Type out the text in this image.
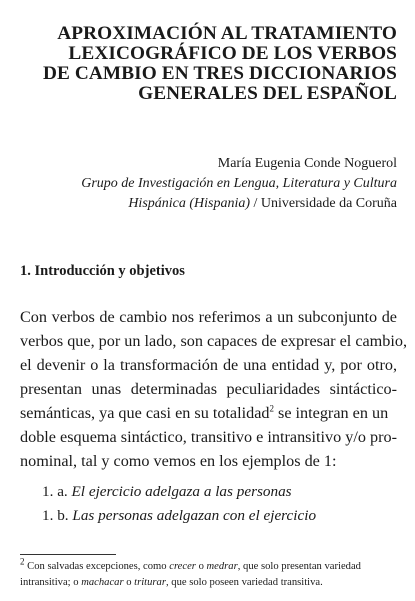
APROXIMACIÓN AL TRATAMIENTO
LEXICOGRÁFICO DE LOS VERBOS
DE CAMBIO EN TRES DICCIONARIOS
GENERALES DEL ESPAÑOL
María Eugenia Conde Noguerol
Grupo de Investigación en Lengua, Literatura y Cultura
Hispánica (Hispania) / Universidade da Coruña
1. Introducción y objetivos
Con verbos de cambio nos referimos a un subconjunto de
verbos que, por un lado, son capaces de expresar el cambio,
el devenir o la transformación de una entidad y, por otro,
presentan unas determinadas peculiaridades sintáctico-
semánticas, ya que casi en su totalidad$^2$ se integran en un
doble esquema sintáctico, transitivo e intransitivo y/o pro-
nominal, tal y como vemos en los ejemplos de 1:
1. a. El ejercicio adelgaza a las personas
1. b. Las personas adelgazan con el ejercicio
$^2$ Con salvadas excepciones, como crecer o medrar, que solo presentan variedad
intransitiva; o machacar o triturar, que solo poseen variedad transitiva.
